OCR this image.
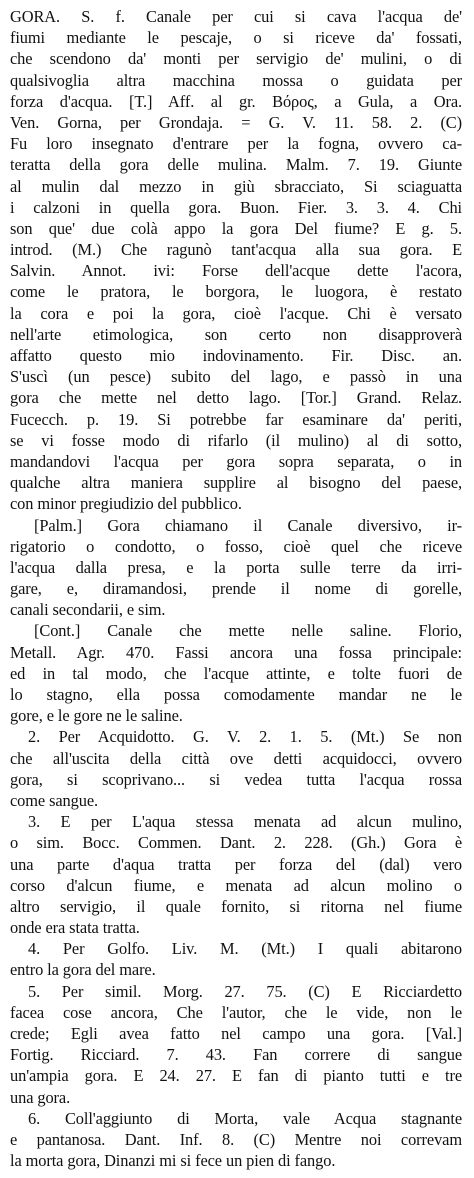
GORA. S. f. Canale per cui si cava l'acqua de'
fiumi mediante le pescaje, o si riceve da' fossati,
che scendono da' monti per servigio de' mulini, o di
qualsivoglia altra macchina mossa o guidata per
forza d'acqua. [T.] Aff. al gr. Βόρος, a Gula, a Ora.
Ven. Gorna, per Grondaja. = G. V. 11. 58. 2. (C)
Fu loro insegnato d'entrare per la fogna, ovvero ca-
teratta della gora delle mulina. Malm. 7. 19. Giunte
al mulin dal mezzo in giù sbracciato, Si sciaguatta
i calzoni in quella gora. Buon. Fier. 3. 3. 4. Chi
son que' due colà appo la gora Del fiume? E g. 5.
introd. (M.) Che ragunò tant'acqua alla sua gora. E
Salvin. Annot. ivi: Forse dell'acque dette l'acora,
come le pratora, le borgora, le luogora, è restato
la cora e poi la gora, cioè l'acque. Chi è versato
nell'arte etimologica, son certo non disapproverà
affatto questo mio indovinamento. Fir. Disc. an.
S'uscì (un pesce) subito del lago, e passò in una
gora che mette nel detto lago. [Tor.] Grand. Relaz.
Fucecch. p. 19. Si potrebbe far esaminare da' periti,
se vi fosse modo di rifarlo (il mulino) al di sotto,
mandandovi l'acqua per gora sopra separata, o in
qualche altra maniera supplire al bisogno del paese,
con minor pregiudizio del pubblico.
[Palm.] Gora chiamano il Canale diversivo, ir-
rigatorio o condotto, o fosso, cioè quel che riceve
l'acqua dalla presa, e la porta sulle terre da irri-
gare, e, diramandosi, prende il nome di gorelle,
canali secondarii, e sim.
[Cont.] Canale che mette nelle saline. Florio,
Metall. Agr. 470. Fassi ancora una fossa principale:
ed in tal modo, che l'acque attinte, e tolte fuori de
lo stagno, ella possa comodamente mandar ne le
gore, e le gore ne le saline.
2. Per Acquidotto. G. V. 2. 1. 5. (Mt.) Se non
che all'uscita della città ove detti acquidocci, ovvero
gora, si scoprivano... si vedea tutta l'acqua rossa
come sangue.
3. E per L'aqua stessa menata ad alcun mulino,
o sim. Bocc. Commen. Dant. 2. 228. (Gh.) Gora è
una parte d'aqua tratta per forza del (dal) vero
corso d'alcun fiume, e menata ad alcun molino o
altro servigio, il quale fornito, si ritorna nel fiume
onde era stata tratta.
4. Per Golfo. Liv. M. (Mt.) I quali abitarono
entro la gora del mare.
5. Per simil. Morg. 27. 75. (C) E Ricciardetto
facea cose ancora, Che l'autor, che le vide, non le
crede; Egli avea fatto nel campo una gora. [Val.]
Fortig. Ricciard. 7. 43. Fan correre di sangue
un'ampia gora. E 24. 27. E fan di pianto tutti e tre
una gora.
6. Coll'aggiunto di Morta, vale Acqua stagnante
e pantanosa. Dant. Inf. 8. (C) Mentre noi correvam
la morta gora, Dinanzi mi si fece un pien di fango.
